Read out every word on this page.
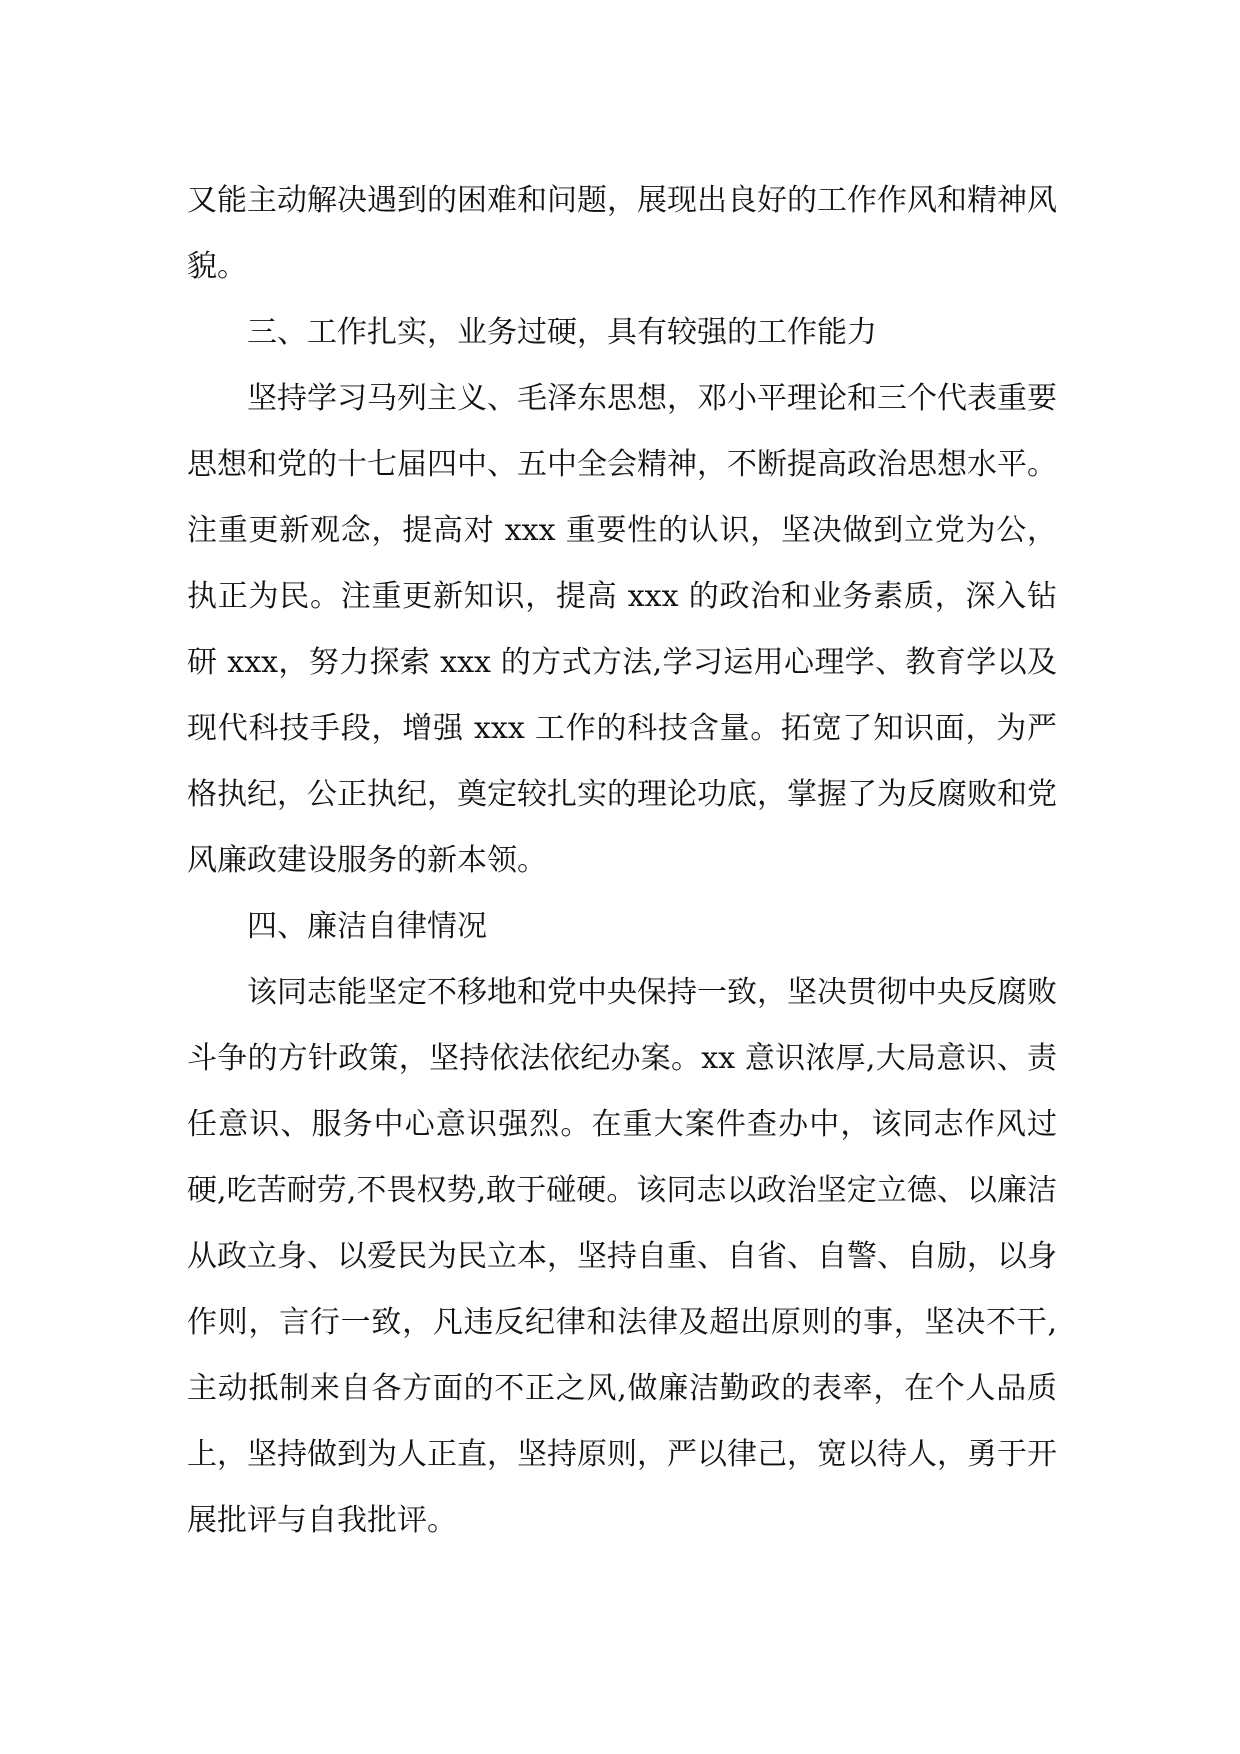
又能主动解决遇到的困难和问题，展现出良好的工作作风和精神风貌。

三、工作扎实，业务过硬，具有较强的工作能力

坚持学习马列主义、毛泽东思想，邓小平理论和三个代表重要思想和党的十七届四中、五中全会精神，不断提高政治思想水平。注重更新观念，提高对 xxx 重要性的认识，坚决做到立党为公，执正为民。注重更新知识，提高 xxx 的政治和业务素质，深入钻研 xxx，努力探索 xxx 的方式方法,学习运用心理学、教育学以及现代科技手段，增强 xxx 工作的科技含量。拓宽了知识面，为严格执纪，公正执纪，奠定较扎实的理论功底，掌握了为反腐败和党风廉政建设服务的新本领。

四、廉洁自律情况

该同志能坚定不移地和党中央保持一致，坚决贯彻中央反腐败斗争的方针政策，坚持依法依纪办案。xx 意识浓厚,大局意识、责任意识、服务中心意识强烈。在重大案件查办中，该同志作风过硬,吃苦耐劳,不畏权势,敢于碰硬。该同志以政治坚定立德、以廉洁从政立身、以爱民为民立本，坚持自重、自省、自警、自励，以身作则，言行一致，凡违反纪律和法律及超出原则的事，坚决不干,主动抵制来自各方面的不正之风,做廉洁勤政的表率，在个人品质上，坚持做到为人正直，坚持原则，严以律己，宽以待人，勇于开展批评与自我批评。
